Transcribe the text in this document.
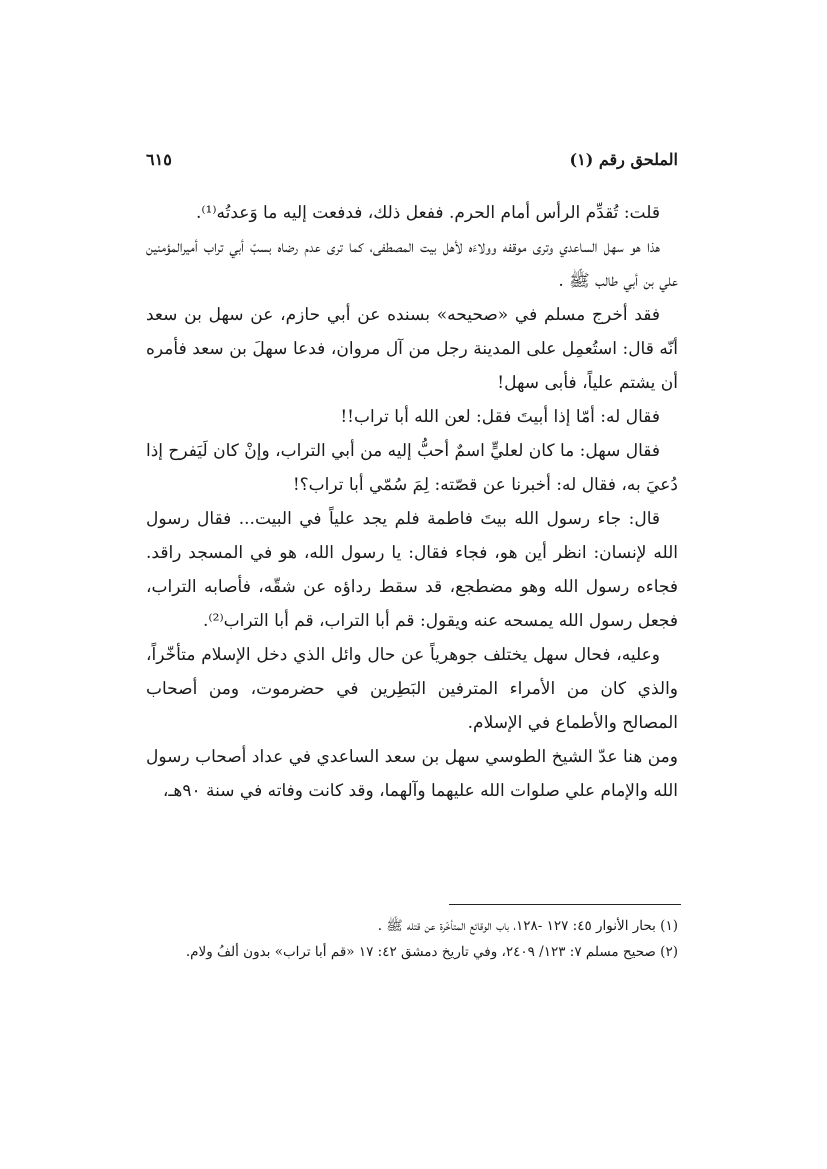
الملحق رقم (١)
٦١٥

قلت: تُقدِّم الرأس أمام الحرم. ففعل ذلك، فدفعت إليه ما وَعدتُه⁽¹⁾.

هذا هو سهل الساعدي وترى موقفه وولاءَه لأهل بيت المصطفى، كما ترى عدم رضاه بسبّ أبي تراب أميرالمؤمنين علي بن أبي طالب ﷺ .

فقد أخرج مسلم في «صحيحه» بسنده عن أبي حازم، عن سهل بن سعد أنّه قال: استُعمِل على المدينة رجل من آل مروان، فدعا سهلَ بن سعد فأمره أن يشتم علياً، فأبى سهل!

فقال له: أمّا إذا أبيتَ فقل: لعن الله أبا تراب!!

فقال سهل: ما كان لعليٍّ اسمٌ أحبُّ إليه من أبي التراب، وإنْ كان لَيَفرح إذا دُعيَ به، فقال له: أخبرنا عن قصّته: لِمَ سُمّي أبا تراب؟!

قال: جاء رسول الله بيتَ فاطمة فلم يجد علياً في البيت... فقال رسول الله لإنسان: انظر أين هو، فجاء فقال: يا رسول الله، هو في المسجد راقد. فجاءه رسول الله وهو مضطجع، قد سقط رداؤه عن شقّه، فأصابه التراب، فجعل رسول الله يمسحه عنه ويقول: قم أبا التراب، قم أبا التراب⁽²⁾.

وعليه، فحال سهل يختلف جوهرياً عن حال وائل الذي دخل الإسلام متأخّراً، والذي كان من الأمراء المترفين البَطِرين في حضرموت، ومن أصحاب المصالح والأطماع في الإسلام.

ومن هنا عدّ الشيخ الطوسي سهل بن سعد الساعدي في عداد أصحاب رسول الله والإمام علي صلوات الله عليهما وآلهما، وقد كانت وفاته في سنة ٩٠هـ،

(١) بحار الأنوار ٤٥: ١٢٧ -١٢٨، باب الوقائع المتأخّرة عن قتله ﷺ .

(٢) صحيح مسلم ٧: ١٢٣/ ٢٤٠٩، وفي تاريخ دمشق ٤٢: ١٧ «قم أبا تراب» بدون ألفُ ولام.
